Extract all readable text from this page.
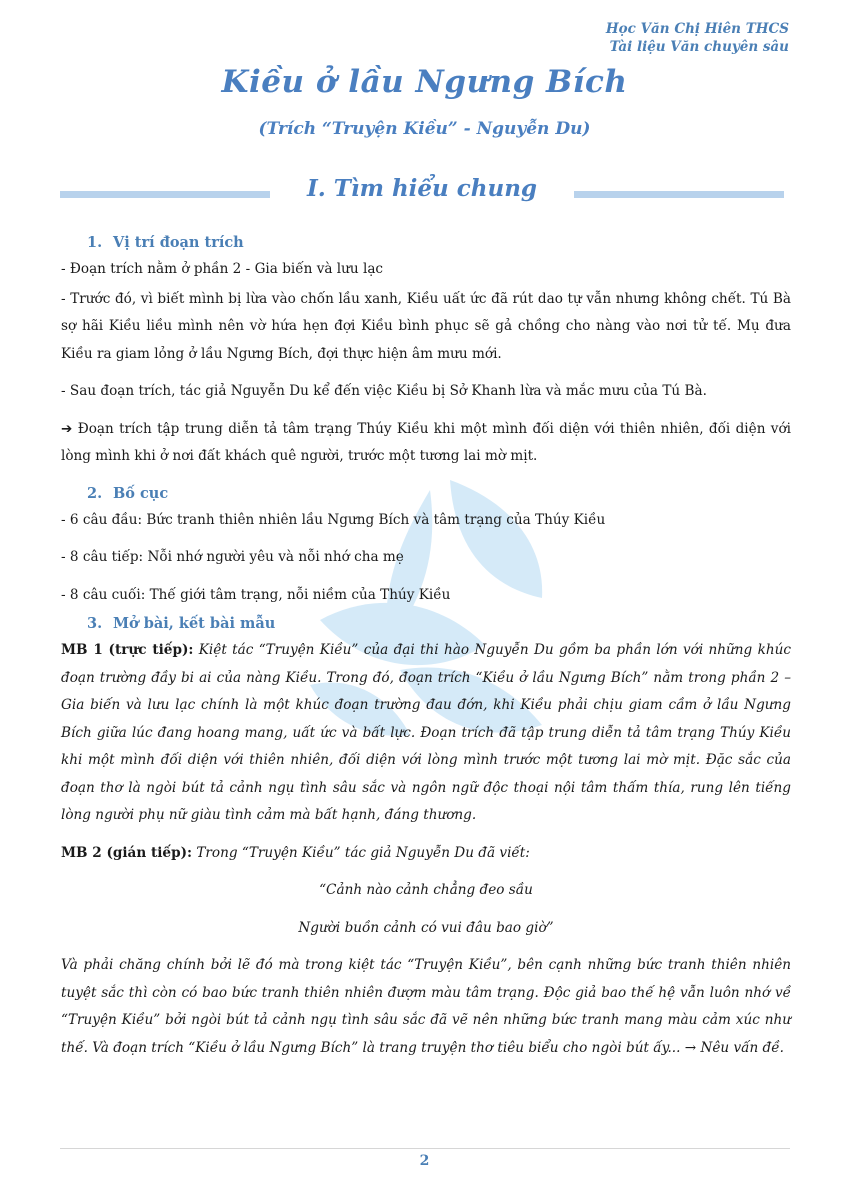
Học Văn Chị Hiên THCS
Tài liệu Văn chuyên sâu
Kiều ở lầu Ngưng Bích
(Trích “Truyện Kiều” - Nguyễn Du)
I. Tìm hiểu chung
1. Vị trí đoạn trích

- Đoạn trích nằm ở phần 2 - Gia biến và lưu lạc

- Trước đó, vì biết mình bị lừa vào chốn lầu xanh, Kiều uất ức đã rút dao tự vẫn nhưng không chết. Tú Bà sợ hãi Kiều liều mình nên vờ hứa hẹn đợi Kiều bình phục sẽ gả chồng cho nàng vào nơi tử tế. Mụ đưa Kiều ra giam lỏng ở lầu Ngưng Bích, đợi thực hiện âm mưu mới.

- Sau đoạn trích, tác giả Nguyễn Du kể đến việc Kiều bị Sở Khanh lừa và mắc mưu của Tú Bà.

➔ Đoạn trích tập trung diễn tả tâm trạng Thúy Kiều khi một mình đối diện với thiên nhiên, đối diện với lòng mình khi ở nơi đất khách quê người, trước một tương lai mờ mịt.

2. Bố cục

- 6 câu đầu: Bức tranh thiên nhiên lầu Ngưng Bích và tâm trạng của Thúy Kiều

- 8 câu tiếp: Nỗi nhớ người yêu và nỗi nhớ cha mẹ

- 8 câu cuối: Thế giới tâm trạng, nỗi niềm của Thúy Kiều

3. Mở bài, kết bài mẫu

MB 1 (trực tiếp): Kiệt tác “Truyện Kiều” của đại thi hào Nguyễn Du gồm ba phần lớn với những khúc đoạn trường đầy bi ai của nàng Kiều. Trong đó, đoạn trích “Kiều ở lầu Ngưng Bích” nằm trong phần 2 – Gia biến và lưu lạc chính là một khúc đoạn trường đau đớn, khi Kiều phải chịu giam cầm ở lầu Ngưng Bích giữa lúc đang hoang mang, uất ức và bất lực. Đoạn trích đã tập trung diễn tả tâm trạng Thúy Kiều khi một mình đối diện với thiên nhiên, đối diện với lòng mình trước một tương lai mờ mịt. Đặc sắc của đoạn thơ là ngòi bút tả cảnh ngụ tình sâu sắc và ngôn ngữ độc thoại nội tâm thấm thía, rung lên tiếng lòng người phụ nữ giàu tình cảm mà bất hạnh, đáng thương.

MB 2 (gián tiếp): Trong “Truyện Kiều” tác giả Nguyễn Du đã viết:

“Cảnh nào cảnh chẳng đeo sầu

Người buồn cảnh có vui đâu bao giờ”

Và phải chăng chính bởi lẽ đó mà trong kiệt tác “Truyện Kiều”, bên cạnh những bức tranh thiên nhiên tuyệt sắc thì còn có bao bức tranh thiên nhiên đượm màu tâm trạng. Độc giả bao thế hệ vẫn luôn nhớ về “Truyện Kiều” bởi ngòi bút tả cảnh ngụ tình sâu sắc đã vẽ nên những bức tranh mang màu cảm xúc như thế. Và đoạn trích “Kiều ở lầu Ngưng Bích” là trang truyện thơ tiêu biểu cho ngòi bút ấy... → Nêu vấn đề.

2
